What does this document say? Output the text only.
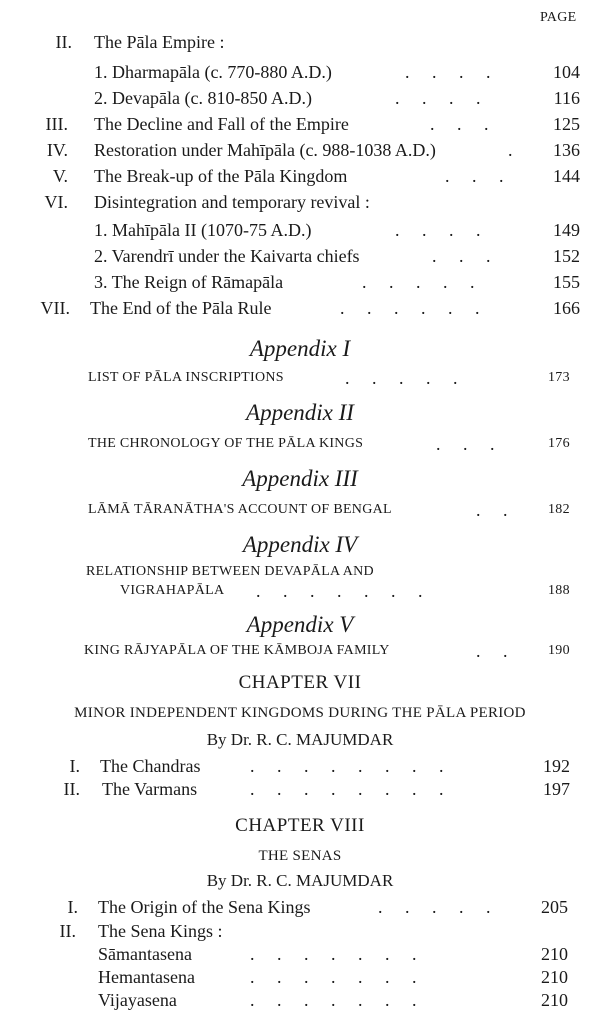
PAGE
II. The Pāla Empire :
1. Dharmapāla (c. 770-880 A.D.)	.     .     .     .	104
2. Devapāla (c. 810-850 A.D.)	.     .     .     .	116
III. The Decline and Fall of the Empire	.     .     .	125
IV. Restoration under Mahīpāla (c. 988-1038 A.D.)	.	136
V. The Break-up of the Pāla Kingdom	.     .     .	144
VI. Disintegration and temporary revival :
1. Mahīpāla II (1070-75 A.D.)	.     .     .     .	149
2. Varendrī under the Kaivarta chiefs	.     .     .	152
3. The Reign of Rāmapāla	.     .     .     .     .	155
VII. The End of the Pāla Rule	.     .     .     .     .     .	166
Appendix I
LIST OF PĀLA INSCRIPTIONS	.     .     .     .     .	173
Appendix II
THE CHRONOLOGY OF THE PĀLA KINGS	.     .     .	176
Appendix III
LĀMĀ TĀRANĀTHA'S ACCOUNT OF BENGAL	.     .	182
Appendix IV
RELATIONSHIP BETWEEN DEVAPĀLA AND
VIGRAHAPĀLA .     .     .     .     .     .     .	188
Appendix V
KING RĀJYAPĀLA OF THE KĀMBOJA FAMILY	.     .	190
CHAPTER VII
MINOR INDEPENDENT KINGDOMS DURING THE PĀLA PERIOD
By Dr. R. C. MAJUMDAR
I. The Chandras	.     .     .     .     .     .     .     .	192
II. The Varmans	.     .     .     .     .     .     .     .	197
CHAPTER VIII
THE SENAS
By Dr. R. C. MAJUMDAR
I. The Origin of the Sena Kings	.     .     .     .     .	205
II. The Sena Kings :
Sāmantasena	.     .     .     .     .     .     .	210
Hemantasena	.     .     .     .     .     .     .	210
Vijayasena	.     .     .     .     .     .     .	210
